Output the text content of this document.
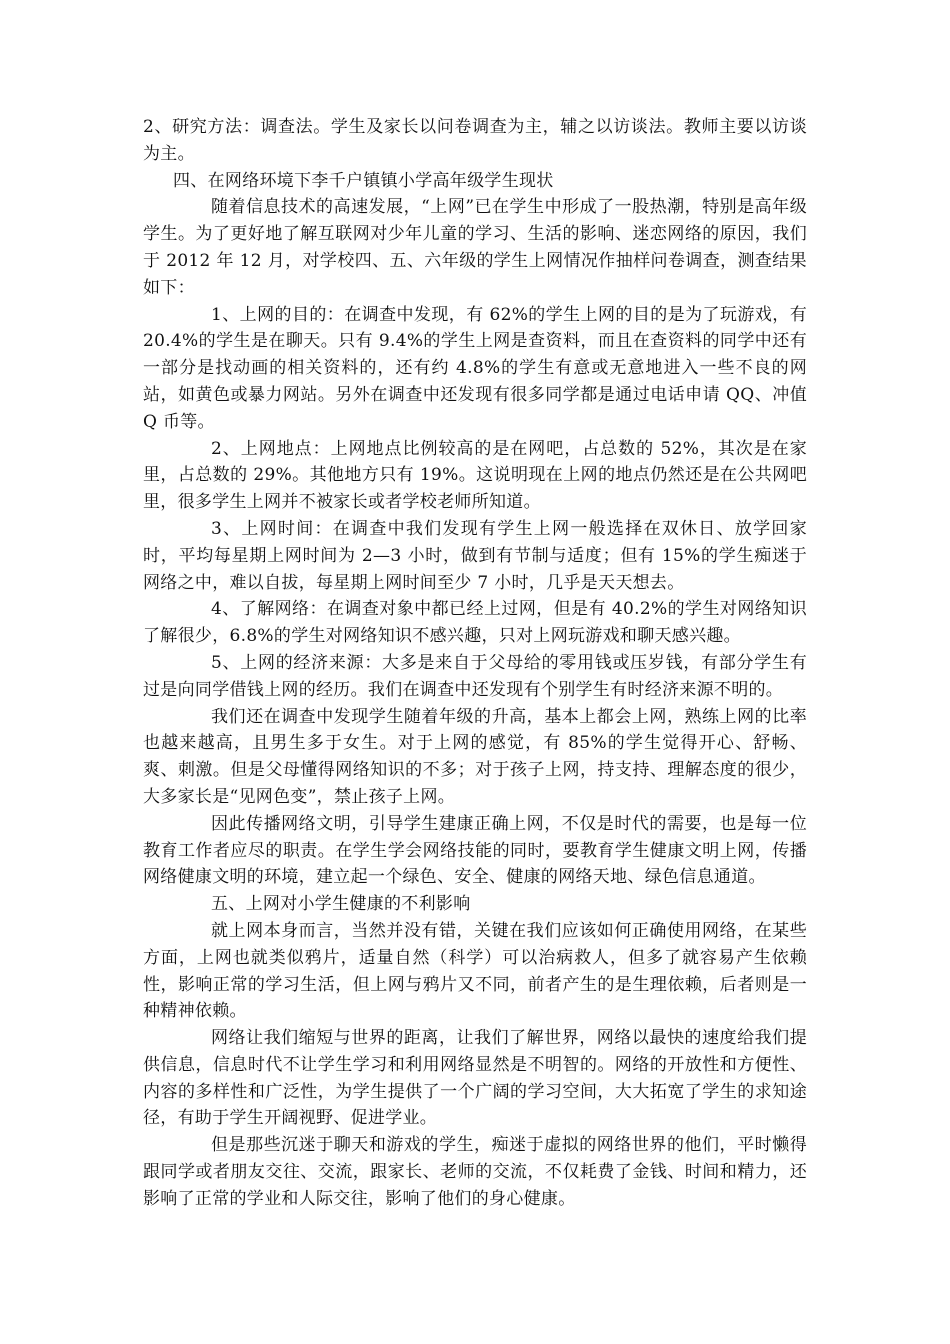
2、研究方法：调查法。学生及家长以问卷调查为主，辅之以访谈法。教师主要以访谈为主。

四、在网络环境下李千户镇镇小学高年级学生现状

随着信息技术的高速发展，“上网”已在学生中形成了一股热潮，特别是高年级学生。为了更好地了解互联网对少年儿童的学习、生活的影响、迷恋网络的原因，我们于 2012 年 12 月，对学校四、五、六年级的学生上网情况作抽样问卷调查，测查结果如下：

1、上网的目的：在调查中发现，有 62%的学生上网的目的是为了玩游戏，有 20.4%的学生是在聊天。只有 9.4%的学生上网是查资料，而且在查资料的同学中还有一部分是找动画的相关资料的，还有约 4.8%的学生有意或无意地进入一些不良的网站，如黄色或暴力网站。另外在调查中还发现有很多同学都是通过电话申请 QQ、冲值 Q 币等。

2、上网地点：上网地点比例较高的是在网吧，占总数的 52%，其次是在家里，占总数的 29%。其他地方只有 19%。这说明现在上网的地点仍然还是在公共网吧里，很多学生上网并不被家长或者学校老师所知道。

3、上网时间：在调查中我们发现有学生上网一般选择在双休日、放学回家时，平均每星期上网时间为 2—3 小时，做到有节制与适度；但有 15%的学生痴迷于网络之中，难以自拔，每星期上网时间至少 7 小时，几乎是天天想去。

4、了解网络：在调查对象中都已经上过网，但是有 40.2%的学生对网络知识了解很少，6.8%的学生对网络知识不感兴趣，只对上网玩游戏和聊天感兴趣。

5、上网的经济来源：大多是来自于父母给的零用钱或压岁钱，有部分学生有过是向同学借钱上网的经历。我们在调查中还发现有个别学生有时经济来源不明的。

我们还在调查中发现学生随着年级的升高，基本上都会上网，熟练上网的比率也越来越高，且男生多于女生。对于上网的感觉，有 85%的学生觉得开心、舒畅、爽、刺激。但是父母懂得网络知识的不多；对于孩子上网，持支持、理解态度的很少，大多家长是“见网色变”，禁止孩子上网。

因此传播网络文明，引导学生建康正确上网，不仅是时代的需要，也是每一位教育工作者应尽的职责。在学生学会网络技能的同时，要教育学生健康文明上网，传播网络健康文明的环境，建立起一个绿色、安全、健康的网络天地、绿色信息通道。

五、上网对小学生健康的不利影响

就上网本身而言，当然并没有错，关键在我们应该如何正确使用网络，在某些方面，上网也就类似鸦片，适量自然（科学）可以治病救人，但多了就容易产生依赖性，影响正常的学习生活，但上网与鸦片又不同，前者产生的是生理依赖，后者则是一种精神依赖。

网络让我们缩短与世界的距离，让我们了解世界，网络以最快的速度给我们提供信息，信息时代不让学生学习和利用网络显然是不明智的。网络的开放性和方便性、内容的多样性和广泛性，为学生提供了一个广阔的学习空间，大大拓宽了学生的求知途径，有助于学生开阔视野、促进学业。

但是那些沉迷于聊天和游戏的学生，痴迷于虚拟的网络世界的他们，平时懒得跟同学或者朋友交往、交流，跟家长、老师的交流，不仅耗费了金钱、时间和精力，还影响了正常的学业和人际交往，影响了他们的身心健康。
